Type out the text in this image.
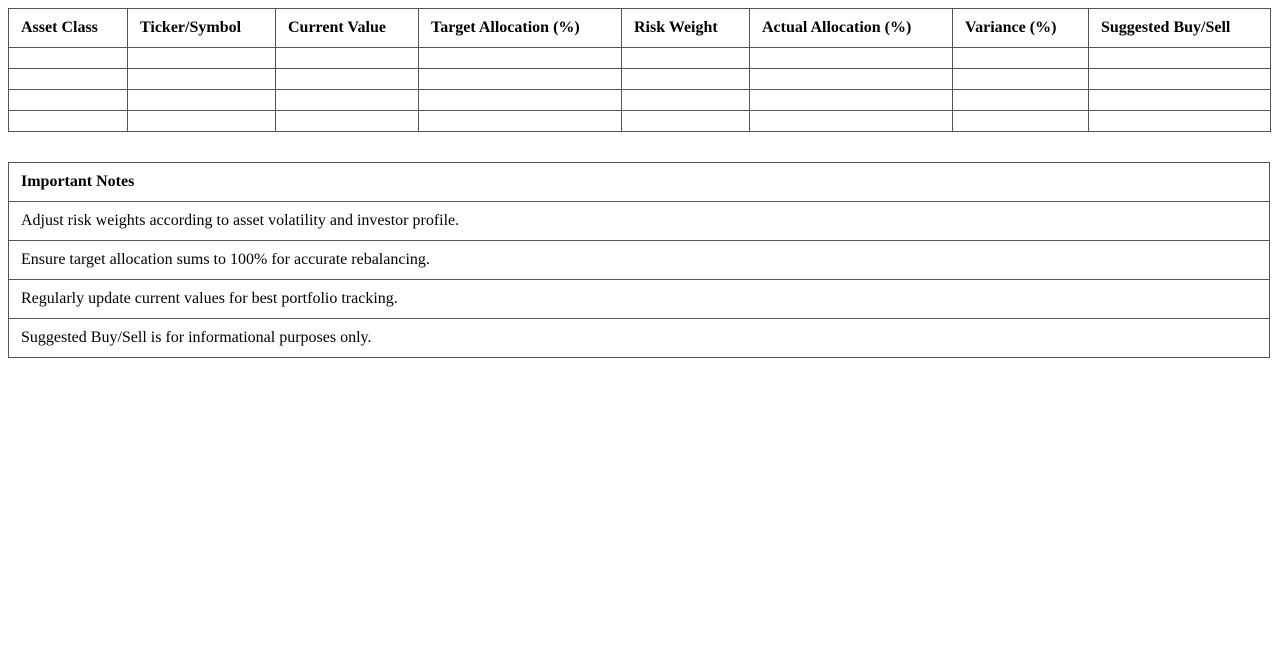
Asset Class	Ticker/Symbol	Current Value	Target Allocation (%)	Risk Weight	Actual Allocation (%)	Variance (%)	Suggested Buy/Sell

Important Notes
Adjust risk weights according to asset volatility and investor profile.
Ensure target allocation sums to 100% for accurate rebalancing.
Regularly update current values for best portfolio tracking.
Suggested Buy/Sell is for informational purposes only.
